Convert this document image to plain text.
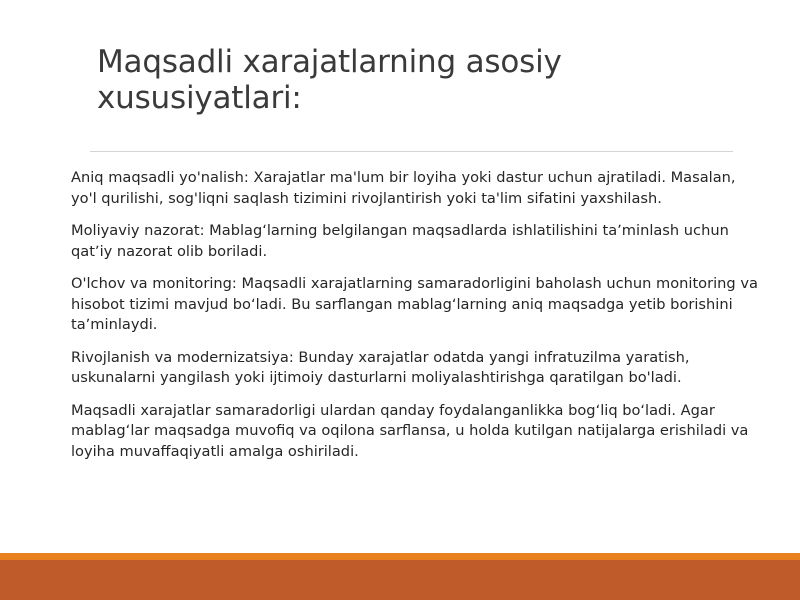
Maqsadli xarajatlarning asosiy xususiyatlari:

Aniq maqsadli yo'nalish: Xarajatlar ma'lum bir loyiha yoki dastur uchun ajratiladi. Masalan, yo'l qurilishi, sog'liqni saqlash tizimini rivojlantirish yoki ta'lim sifatini yaxshilash.

Moliyaviy nazorat: Mablagʻlarning belgilangan maqsadlarda ishlatilishini taʼminlash uchun qatʼiy nazorat olib boriladi.

O'lchov va monitoring: Maqsadli xarajatlarning samaradorligini baholash uchun monitoring va hisobot tizimi mavjud boʻladi. Bu sarflangan mablagʻlarning aniq maqsadga yetib borishini taʼminlaydi.

Rivojlanish va modernizatsiya: Bunday xarajatlar odatda yangi infratuzilma yaratish, uskunalarni yangilash yoki ijtimoiy dasturlarni moliyalashtirishga qaratilgan bo'ladi.

Maqsadli xarajatlar samaradorligi ulardan qanday foydalanganlikka bogʻliq boʻladi. Agar mablagʻlar maqsadga muvofiq va oqilona sarflansa, u holda kutilgan natijalarga erishiladi va loyiha muvaffaqiyatli amalga oshiriladi.
